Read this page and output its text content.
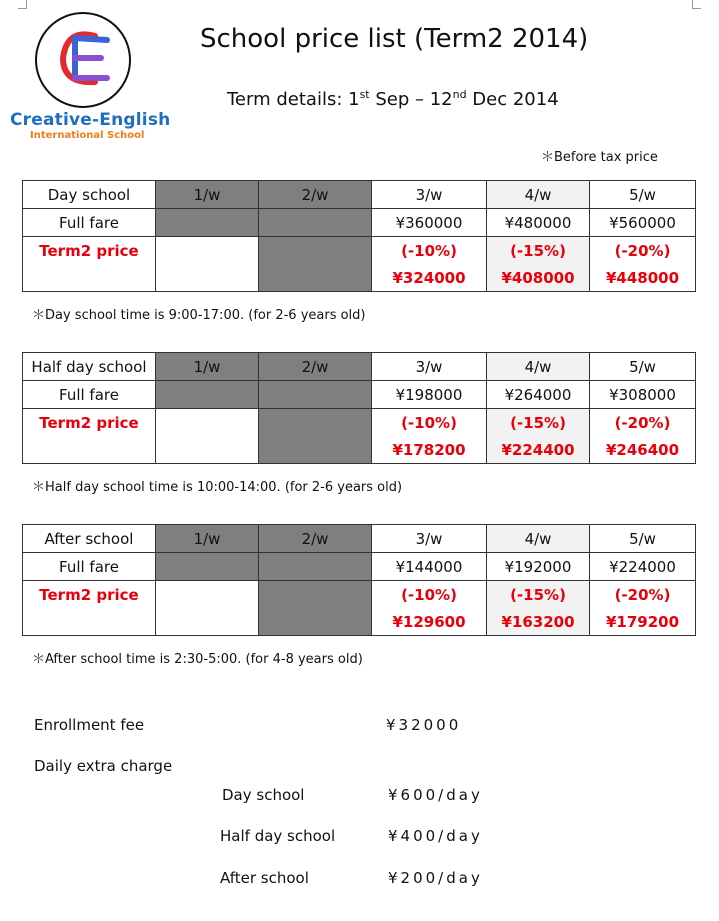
Creative-English
International School
School price list (Term2 2014)
Term details: 1st Sep – 12nd Dec 2014
＊Before tax price
Day school	1/w	2/w	3/w	4/w	5/w
Full fare			¥360000	¥480000	¥560000
Term2 price			(-10%)	(-15%)	(-20%)
			¥324000	¥408000	¥448000
＊Day school time is 9:00-17:00. (for 2-6 years old)
Half day school	1/w	2/w	3/w	4/w	5/w
Full fare			¥198000	¥264000	¥308000
Term2 price			(-10%)	(-15%)	(-20%)
			¥178200	¥224400	¥246400
＊Half day school time is 10:00-14:00. (for 2-6 years old)
After school	1/w	2/w	3/w	4/w	5/w
Full fare			¥144000	¥192000	¥224000
Term2 price			(-10%)	(-15%)	(-20%)
			¥129600	¥163200	¥179200
＊After school time is 2:30-5:00. (for 4-8 years old)
Enrollment fee	¥32000
Daily extra charge
Day school	¥600/day
Half day school	¥400/day
After school	¥200/day
